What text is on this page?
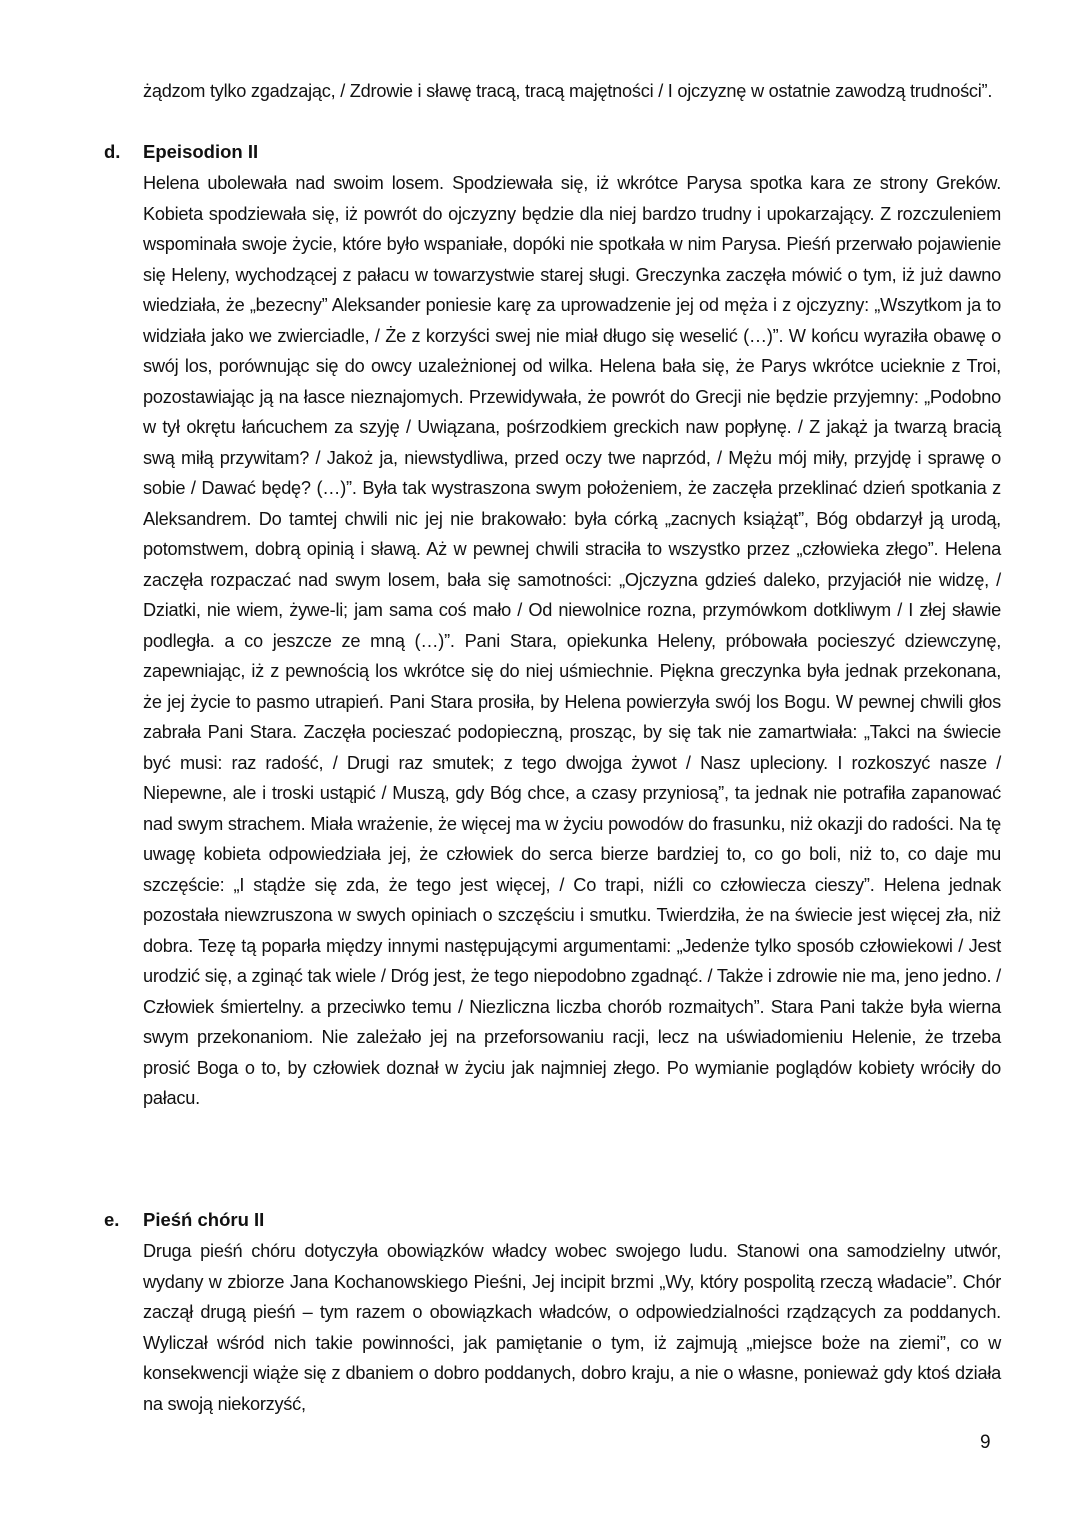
żądzom tylko zgadzając, / Zdrowie i sławę tracą, tracą majętności / I ojczyznę w ostatnie zawodzą trudności”.
d. Epeisodion II
Helena ubolewała nad swoim losem. Spodziewała się, iż wkrótce Parysa spotka kara ze strony Greków. Kobieta spodziewała się, iż powrót do ojczyzny będzie dla niej bardzo trudny i upokarzający. Z rozczuleniem wspominała swoje życie, które było wspaniałe, dopóki nie spotkała w nim Parysa. Pieśń przerwało pojawienie się Heleny, wychodzącej z pałacu w towarzystwie starej sługi. Greczynka zaczęła mówić o tym, iż już dawno wiedziała, że „bezecny” Aleksander poniesie karę za uprowadzenie jej od męża i z ojczyzny: „Wszytkom ja to widziała jako we zwierciadle, / Że z korzyści swej nie miał długo się weselić (…)”. W końcu wyraziła obawę o swój los, porównując się do owcy uzależnionej od wilka. Helena bała się, że Parys wkrótce ucieknie z Troi, pozostawiając ją na łasce nieznajomych. Przewidywała, że powrót do Grecji nie będzie przyjemny: „Podobno w tył okrętu łańcuchem za szyję / Uwiązana, pośrzodkiem greckich naw popłynę. / Z jakąż ja twarzą bracią swą miłą przywitam? / Jakoż ja, niewstydliwa, przed oczy twe naprzód, / Mężu mój miły, przyjdę i sprawę o sobie / Dawać będę? (…)”. Była tak wystraszona swym położeniem, że zaczęła przeklinać dzień spotkania z Aleksandrem. Do tamtej chwili nic jej nie brakowało: była córką „zacnych książąt”, Bóg obdarzył ją urodą, potomstwem, dobrą opinią i sławą. Aż w pewnej chwili straciła to wszystko przez „człowieka złego”. Helena zaczęła rozpaczać nad swym losem, bała się samotności: „Ojczyzna gdzieś daleko, przyjaciół nie widzę, / Dziatki, nie wiem, żywe-li; jam sama coś mało / Od niewolnice rozna, przymówkom dotkliwym / I złej sławie podległa. a co jeszcze ze mną (…)”. Pani Stara, opiekunka Heleny, próbowała pocieszyć dziewczynę, zapewniając, iż z pewnością los wkrótce się do niej uśmiechnie. Piękna greczynka była jednak przekonana, że jej życie to pasmo utrapień. Pani Stara prosiła, by Helena powierzyła swój los Bogu. W pewnej chwili głos zabrała Pani Stara. Zaczęła pocieszać podopieczną, prosząc, by się tak nie zamartwiała: „Takci na świecie być musi: raz radość, / Drugi raz smutek; z tego dwojga żywot / Nasz upleciony. I rozkoszyć nasze / Niepewne, ale i troski ustąpić / Muszą, gdy Bóg chce, a czasy przyniosą”, ta jednak nie potrafiła zapanować nad swym strachem. Miała wrażenie, że więcej ma w życiu powodów do frasunku, niż okazji do radości. Na tę uwagę kobieta odpowiedziała jej, że człowiek do serca bierze bardziej to, co go boli, niż to, co daje mu szczęście: „I stądże się zda, że tego jest więcej, / Co trapi, niźli co człowiecza cieszy”. Helena jednak pozostała niewzruszona w swych opiniach o szczęściu i smutku. Twierdziła, że na świecie jest więcej zła, niż dobra. Tezę tą poparła między innymi następującymi argumentami: „Jedenże tylko sposób człowiekowi / Jest urodzić się, a zginąć tak wiele / Dróg jest, że tego niepodobno zgadnąć. / Także i zdrowie nie ma, jeno jedno. / Człowiek śmiertelny. a przeciwko temu / Niezliczna liczba chorób rozmaitych”. Stara Pani także była wierna swym przekonaniom. Nie zależało jej na przeforsowaniu racji, lecz na uświadomieniu Helenie, że trzeba prosić Boga o to, by człowiek doznał w życiu jak najmniej złego. Po wymianie poglądów kobiety wróciły do pałacu.
e. Pieśń chóru II
Druga pieśń chóru dotyczyła obowiązków władcy wobec swojego ludu. Stanowi ona samodzielny utwór, wydany w zbiorze Jana Kochanowskiego Pieśni, Jej incipit brzmi „Wy, który pospolitą rzeczą władacie”. Chór zaczął drugą pieśń – tym razem o obowiązkach władców, o odpowiedzialności rządzących za poddanych. Wyliczał wśród nich takie powinności, jak pamiętanie o tym, iż zajmują „miejsce boże na ziemi”, co w konsekwencji wiąże się z dbaniem o dobro poddanych, dobro kraju, a nie o własne, ponieważ gdy ktoś działa na swoją niekorzyść,
9
